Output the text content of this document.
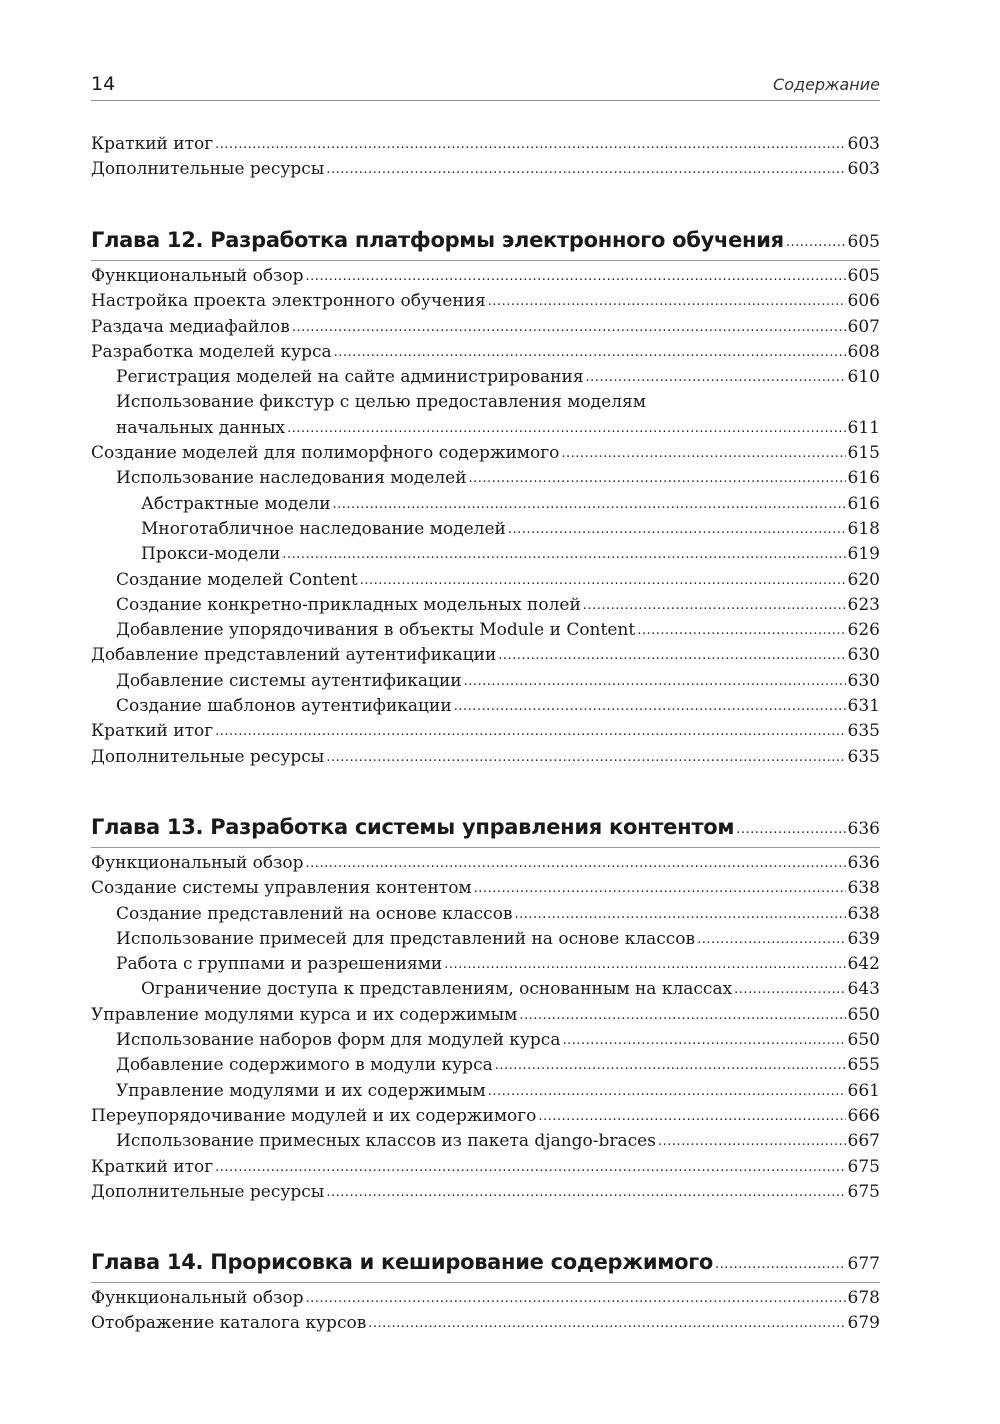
14	Содержание
Краткий итог .....	603
Дополнительные ресурсы .....	603
Глава 12. Разработка платформы электронного обучения .....	605
Функциональный обзор .....	605
Настройка проекта электронного обучения .....	606
Раздача медиафайлов .....	607
Разработка моделей курса .....	608
Регистрация моделей на сайте администрирования .....	610
Использование фикстур с целью предоставления моделям
начальных данных .....	611
Создание моделей для полиморфного содержимого .....	615
Использование наследования моделей .....	616
Абстрактные модели .....	616
Многотабличное наследование моделей .....	618
Прокси-модели .....	619
Создание моделей Content .....	620
Создание конкретно-прикладных модельных полей .....	623
Добавление упорядочивания в объекты Module и Content .....	626
Добавление представлений аутентификации .....	630
Добавление системы аутентификации .....	630
Создание шаблонов аутентификации .....	631
Краткий итог .....	635
Дополнительные ресурсы .....	635
Глава 13. Разработка системы управления контентом .....	636
Функциональный обзор .....	636
Создание системы управления контентом .....	638
Создание представлений на основе классов .....	638
Использование примесей для представлений на основе классов .....	639
Работа с группами и разрешениями .....	642
Ограничение доступа к представлениям, основанным на классах .....	643
Управление модулями курса и их содержимым .....	650
Использование наборов форм для модулей курса .....	650
Добавление содержимого в модули курса .....	655
Управление модулями и их содержимым .....	661
Переупорядочивание модулей и их содержимого .....	666
Использование примесных классов из пакета django-braces .....	667
Краткий итог .....	675
Дополнительные ресурсы .....	675
Глава 14. Прорисовка и кеширование содержимого .....	677
Функциональный обзор .....	678
Отображение каталога курсов .....	679
